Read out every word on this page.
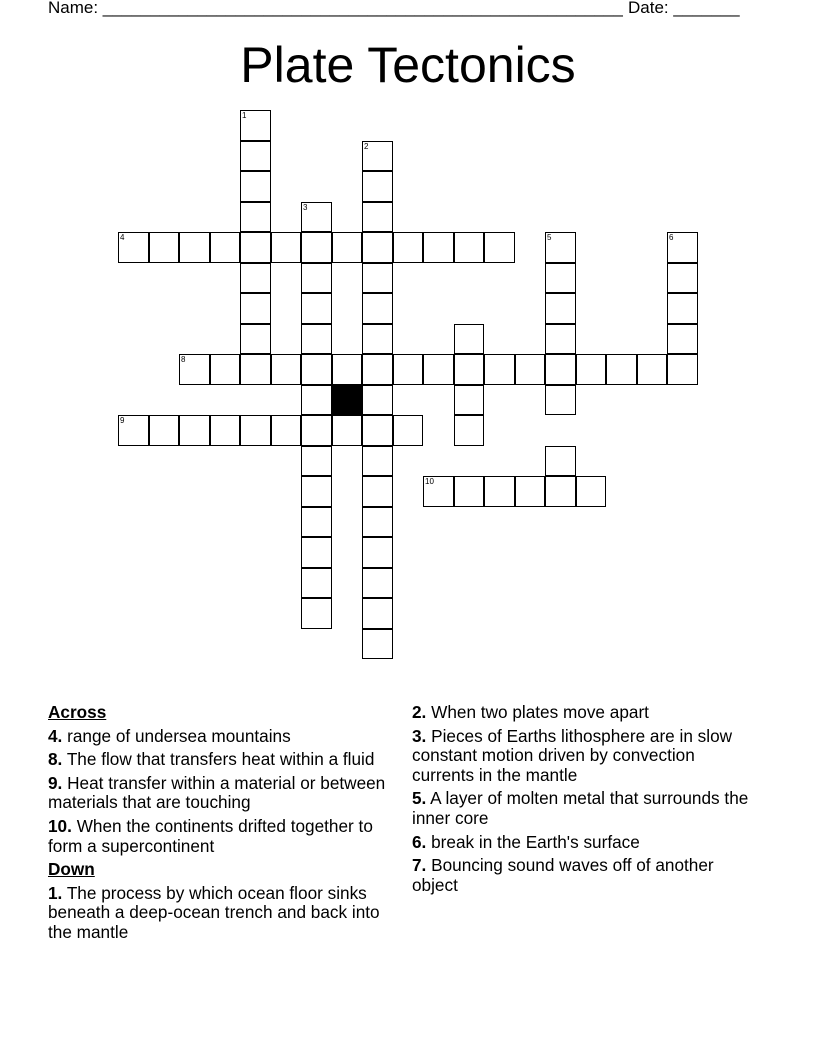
Name: _______________________________________________________ Date: _______
Plate Tectonics
4
1
2
3
8
9
5	6
10
Across
4. range of undersea mountains
8. The flow that transfers heat within a fluid
9. Heat transfer within a material or between materials that are touching
10. When the continents drifted together to form a supercontinent
Down
1. The process by which ocean floor sinks beneath a deep-ocean trench and back into the mantle
2. When two plates move apart
3. Pieces of Earths lithosphere are in slow constant motion driven by convection currents in the mantle
5. A layer of molten metal that surrounds the inner core
6. break in the Earth's surface
7. Bouncing sound waves off of another object
